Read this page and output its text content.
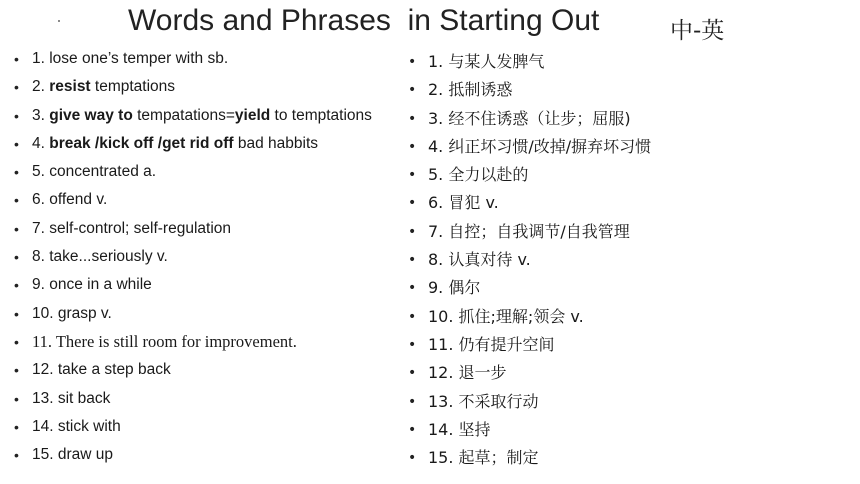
Words and Phrases  in Starting Out	中-英
• 1. lose one’s temper with sb.
• 2. resist temptations
• 3. give way to tempatations=yield to temptations
• 4. break /kick off /get rid off bad habbits
• 5. concentrated a.
• 6. offend v.
• 7. self-control; self-regulation
• 8. take...seriously v.
• 9. once in a while
• 10. grasp v.
• 11. There is still room for improvement.
• 12. take a step back
• 13. sit back
• 14. stick with
• 15. draw up
• 1. 与某人发脾气
• 2. 抵制诱惑
• 3. 经不住诱惑（让步；屈服)
• 4. 纠正坏习惯/改掉/摒弃坏习惯
• 5. 全力以赴的
• 6. 冒犯 v.
• 7. 自控；自我调节/自我管理
• 8. 认真对待 v.
• 9. 偶尔
• 10. 抓住;理解;领会 v.
• 11. 仍有提升空间
• 12. 退一步
• 13. 不采取行动
• 14. 坚持
• 15. 起草；制定
